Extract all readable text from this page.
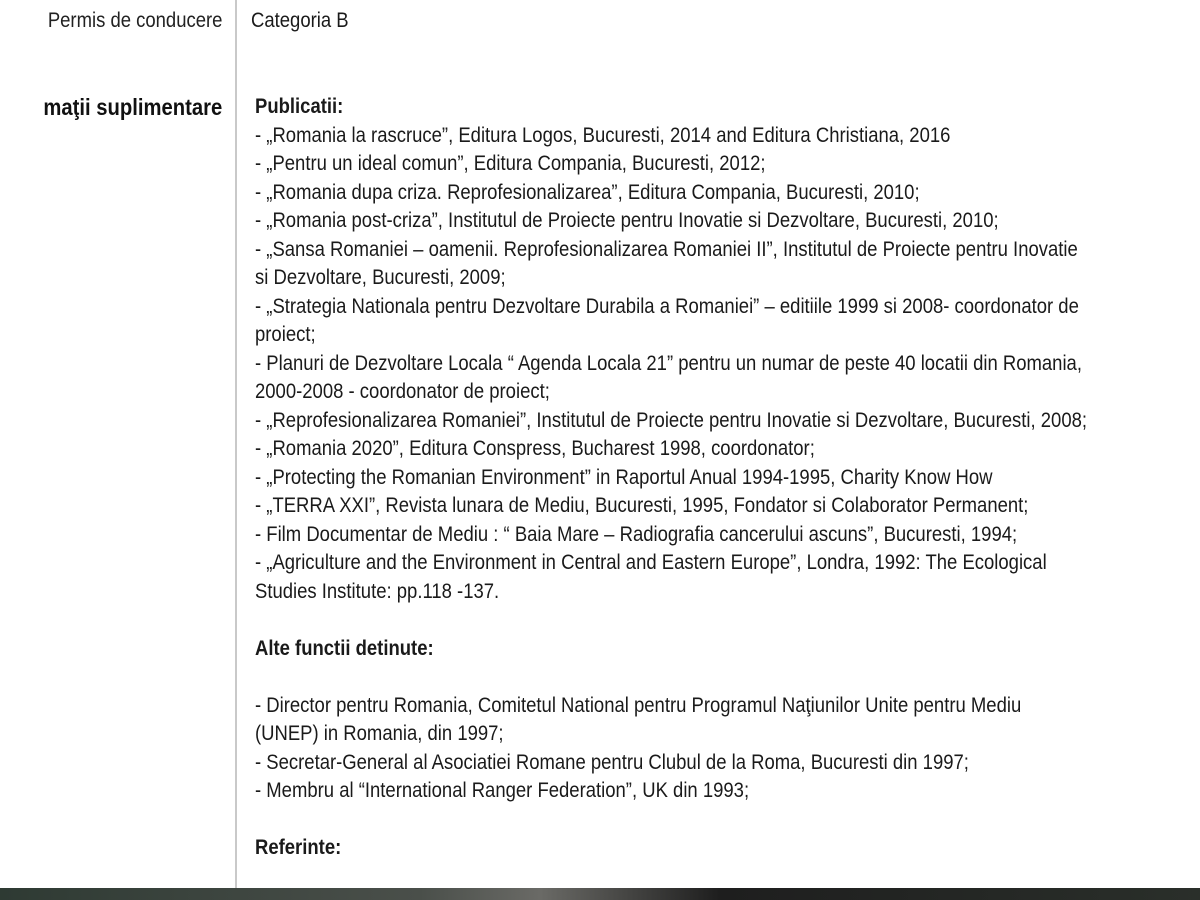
Permis de conducere Categoria B
maţii suplimentare Publicatii:
- „Romania la rascruce”, Editura Logos, Bucuresti, 2014 and Editura Christiana, 2016
- „Pentru un ideal comun”, Editura Compania, Bucuresti, 2012;
- „Romania dupa criza. Reprofesionalizarea”, Editura Compania, Bucuresti, 2010;
- „Romania post-criza”, Institutul de Proiecte pentru Inovatie si Dezvoltare, Bucuresti, 2010;
- „Sansa Romaniei – oamenii. Reprofesionalizarea Romaniei II”, Institutul de Proiecte pentru Inovatie
si Dezvoltare, Bucuresti, 2009;
- „Strategia Nationala pentru Dezvoltare Durabila a Romaniei” – editiile 1999 si 2008- coordonator de
proiect;
- Planuri de Dezvoltare Locala “ Agenda Locala 21” pentru un numar de peste 40 locatii din Romania,
2000-2008 - coordonator de proiect;
- „Reprofesionalizarea Romaniei”, Institutul de Proiecte pentru Inovatie si Dezvoltare, Bucuresti, 2008;
- „Romania 2020”, Editura Conspress, Bucharest 1998, coordonator;
- „Protecting the Romanian Environment” in Raportul Anual 1994-1995, Charity Know How
- „TERRA XXI”, Revista lunara de Mediu, Bucuresti, 1995, Fondator si Colaborator Permanent;
- Film Documentar de Mediu : “ Baia Mare – Radiografia cancerului ascuns”, Bucuresti, 1994;
- „Agriculture and the Environment in Central and Eastern Europe”, Londra, 1992: The Ecological
Studies Institute: pp.118 -137.
Alte functii detinute:
- Director pentru Romania, Comitetul National pentru Programul Naţiunilor Unite pentru Mediu
(UNEP) in Romania, din 1997;
- Secretar-General al Asociatiei Romane pentru Clubul de la Roma, Bucuresti din 1997;
- Membru al “International Ranger Federation”, UK din 1993;
Referinte:
